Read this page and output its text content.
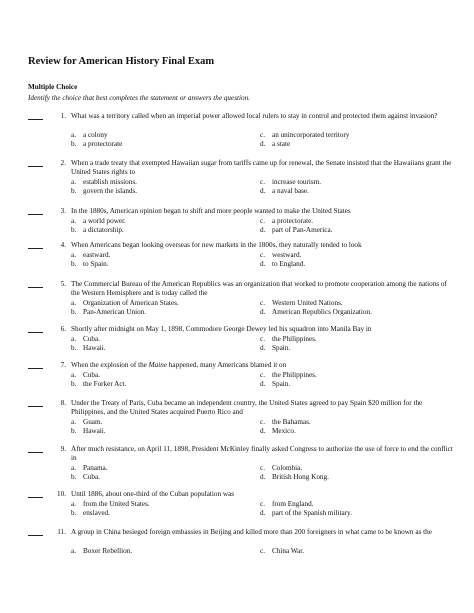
Review for American History Final Exam
Multiple Choice
Identify the choice that best completes the statement or answers the question.
1. What was a territory called when an imperial power allowed local rulers to stay in control and protected them against invasion?
a. a colony
b. a protectorate
c. an unincorporated territory
d. a state
2. When a trade treaty that exempted Hawaiian sugar from tariffs came up for renewal, the Senate insisted that the Hawaiians grant the United States rights to
a. establish missions.
b. govern the islands.
c. increase tourism.
d. a naval base.
3. In the 1880s, American opinion began to shift and more people wanted to make the United States
a. a world power.
b. a dictatorship.
c. a protectorate.
d. part of Pan-America.
4. When Americans began looking overseas for new markets in the 1800s, they naturally tended to look
a. eastward.
b. to Spain.
c. westward.
d. to England.
5. The Commercial Bureau of the American Republics was an organization that worked to promote cooperation among the nations of the Western Hemisphere and is today called the
a. Organization of American States.
b. Pan-American Union.
c. Western United Nations.
d. American Republics Organization.
6. Shortly after midnight on May 1, 1898, Commodore George Dewey led his squadron into Manila Bay in
a. Cuba.
b. Hawaii.
c. the Philippines.
d. Spain.
7. When the explosion of the Maine happened, many Americans blamed it on
a. Cuba.
b. the Forker Act.
c. the Philippines.
d. Spain.
8. Under the Treaty of Paris, Cuba became an independent country, the United States agreed to pay Spain $20 million for the Philippines, and the United States acquired Puerto Rico and
a. Guam.
b. Hawaii.
c. the Bahamas.
d. Mexico.
9. After much resistance, on April 11, 1898, President McKinley finally asked Congress to authorize the use of force to end the conflict in
a. Panama.
b. Cuba.
c. Colombia.
d. British Hong Kong.
10. Until 1886, about one-third of the Cuban population was
a. from the United States.
b. enslaved.
c. from England.
d. part of the Spanish military.
11. A group in China besieged foreign embassies in Beijing and killed more than 200 foreigners in what came to be known as the
a. Boxer Rebellion.	c. China War.
